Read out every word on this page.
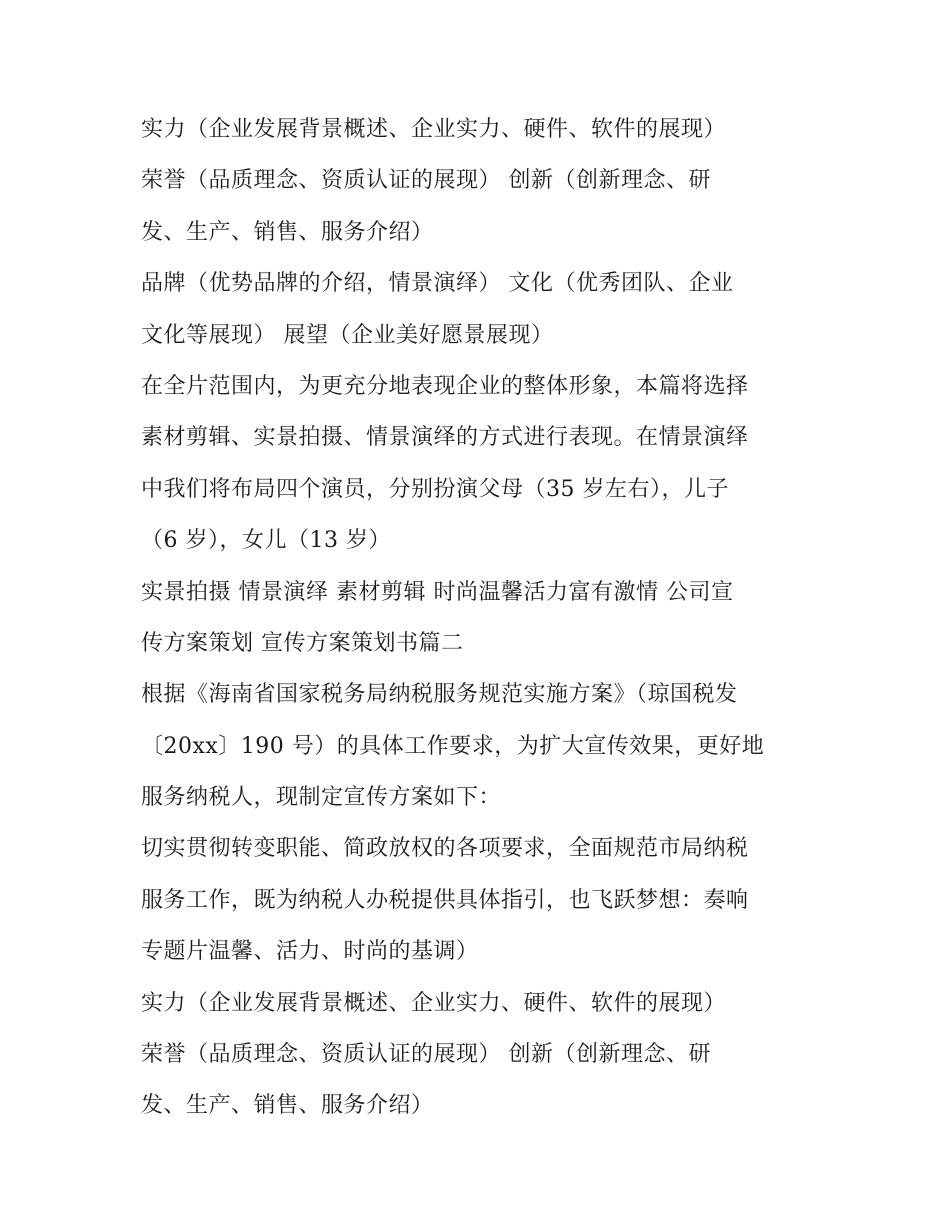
实力（企业发展背景概述、企业实力、硬件、软件的展现）
荣誉（品质理念、资质认证的展现） 创新（创新理念、研
发、生产、销售、服务介绍）
品牌（优势品牌的介绍，情景演绎） 文化（优秀团队、企业
文化等展现） 展望（企业美好愿景展现）
在全片范围内，为更充分地表现企业的整体形象，本篇将选择
素材剪辑、实景拍摄、情景演绎的方式进行表现。在情景演绎
中我们将布局四个演员，分别扮演父母（35 岁左右），儿子
（6 岁），女儿（13 岁）
实景拍摄 情景演绎 素材剪辑 时尚温馨活力富有激情 公司宣
传方案策划 宣传方案策划书篇二
根据《海南省国家税务局纳税服务规范实施方案》（琼国税发
〔20xx〕190 号）的具体工作要求，为扩大宣传效果，更好地
服务纳税人，现制定宣传方案如下：
切实贯彻转变职能、简政放权的各项要求，全面规范市局纳税
服务工作，既为纳税人办税提供具体指引，也飞跃梦想：奏响
专题片温馨、活力、时尚的基调）
实力（企业发展背景概述、企业实力、硬件、软件的展现）
荣誉（品质理念、资质认证的展现） 创新（创新理念、研
发、生产、销售、服务介绍）
